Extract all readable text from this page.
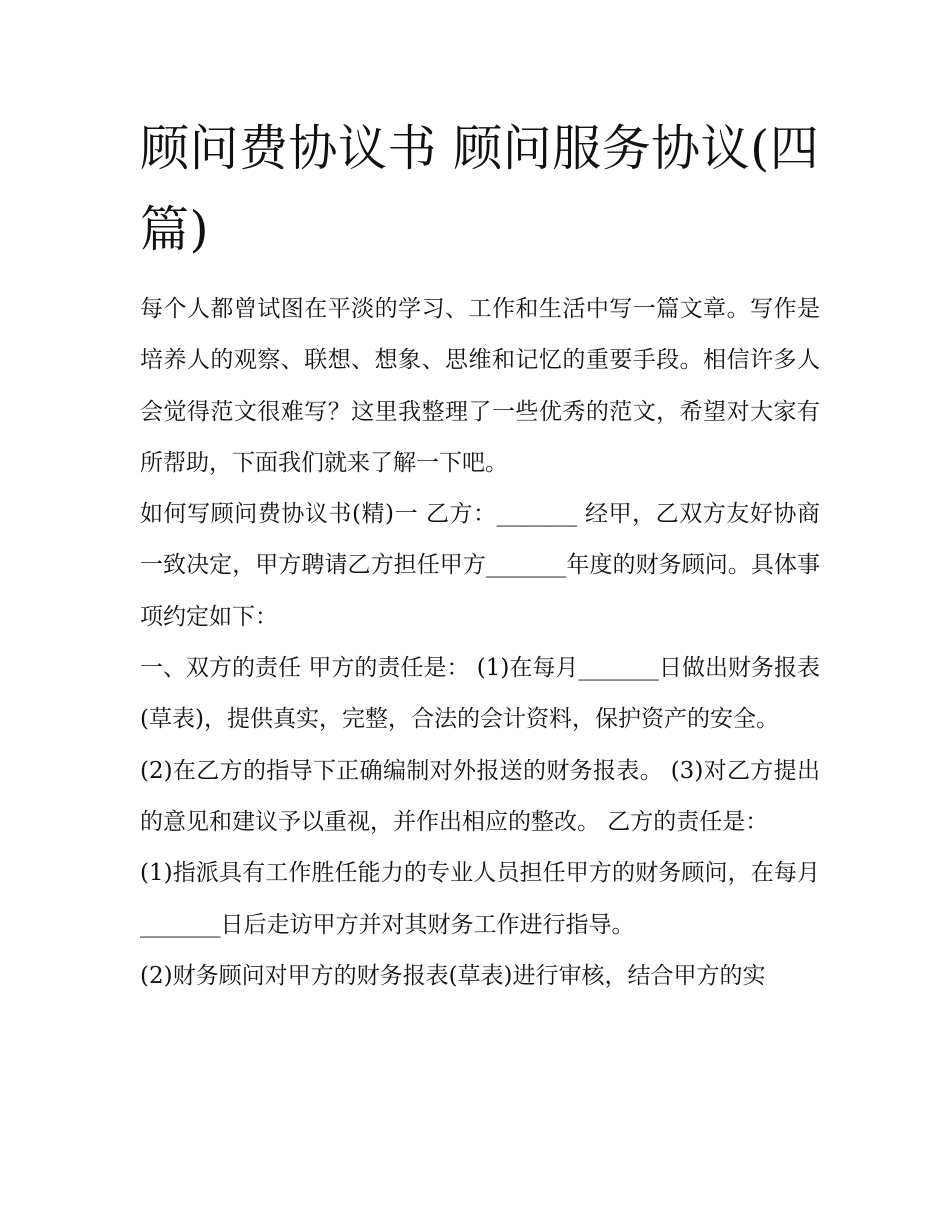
顾问费协议书 顾问服务协议(四篇)

每个人都曾试图在平淡的学习、工作和生活中写一篇文章。写作是培养人的观察、联想、想象、思维和记忆的重要手段。相信许多人会觉得范文很难写？这里我整理了一些优秀的范文，希望对大家有所帮助，下面我们就来了解一下吧。

如何写顾问费协议书(精)一 乙方：_______ 经甲，乙双方友好协商一致决定，甲方聘请乙方担任甲方_______年度的财务顾问。具体事项约定如下：

一、双方的责任 甲方的责任是： (1)在每月_______日做出财务报表(草表)，提供真实，完整，合法的会计资料，保护资产的安全。

(2)在乙方的指导下正确编制对外报送的财务报表。 (3)对乙方提出的意见和建议予以重视，并作出相应的整改。 乙方的责任是：

(1)指派具有工作胜任能力的专业人员担任甲方的财务顾问，在每月_______日后走访甲方并对其财务工作进行指导。

(2)财务顾问对甲方的财务报表(草表)进行审核，结合甲方的实
